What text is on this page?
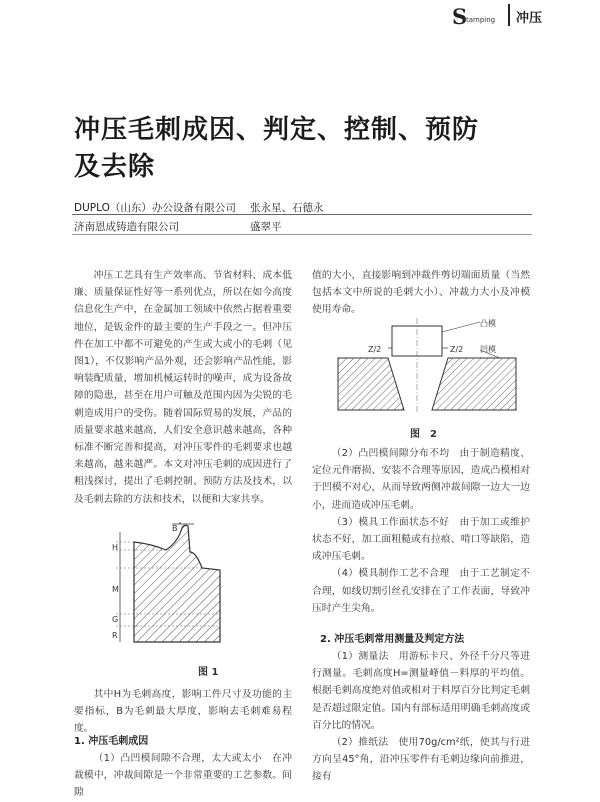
S
tamping 冲压
冲压毛刺成因、判定、控制、预防
及去除
DUPLO（山东）办公设备有限公司 张永星、石德永
济南恩成铸造有限公司	盛翠平

冲压工艺具有生产效率高、节省材料、成本低廉、质量保证性好等一系列优点，所以在如今高度信息化生产中，在金属加工领域中依然占据着重要地位，是钣金件的最主要的生产手段之一。但冲压件在加工中都不可避免的产生或大或小的毛刺（见图1），不仅影响产品外观，还会影响产品性能，影响装配质量，增加机械运转时的噪声，成为设备故障的隐患，甚至在用户可触及范围内因为尖锐的毛刺造成用户的受伤。随着国际贸易的发展，产品的质量要求越来越高，人们安全意识越来越高，各种标准不断完善和提高，对冲压零件的毛刺要求也越来越高，越来越严。本文对冲压毛刺的成因进行了粗浅探讨，提出了毛刺控制、预防方法及技术，以及毛刺去除的方法和技术，以便和大家共享。

B
H
M
G
R
图 1

其中H为毛刺高度，影响工件尺寸及功能的主要指标，B为毛刺最大厚度，影响去毛刺难易程度。

1. 冲压毛刺成因

（1）凸凹模间隙不合理，太大或太小　在冲裁模中，冲裁间隙是一个非常重要的工艺参数。间隙

值的大小，直接影响到冲裁件剪切端面质量（当然包括本文中所说的毛刺大小）、冲裁力大小及冲模使用寿命。

凸模
凹模
Z/2	Z/2
图　2

（2）凸凹模间隙分布不均　由于制造精度、定位元件磨损、安装不合理等原因，造成凸模相对于凹模不对心，从而导致两侧冲裁间隙一边大一边小，进而造成冲压毛刺。

（3）模具工作面状态不好　由于加工或维护状态不好，加工面粗糙或有拉痕、啃口等缺陷，造成冲压毛刺。

（4）模具制作工艺不合理　由于工艺制定不合理，如线切割引丝孔安排在了工作表面，导致冲压时产生尖角。

2. 冲压毛刺常用测量及判定方法

（1）测量法　用游标卡尺、外径千分尺等进行测量。毛刺高度H=测量峰值－料厚的平均值。根据毛刺高度绝对值或相对于料厚百分比判定毛刺是否超过限定值。国内有部标适用明确毛刺高度或百分比的情况。

（2）推纸法　使用70g/cm²纸，使其与行进方向呈45°角，沿冲压零件有毛刺边缘向前推进，接有
